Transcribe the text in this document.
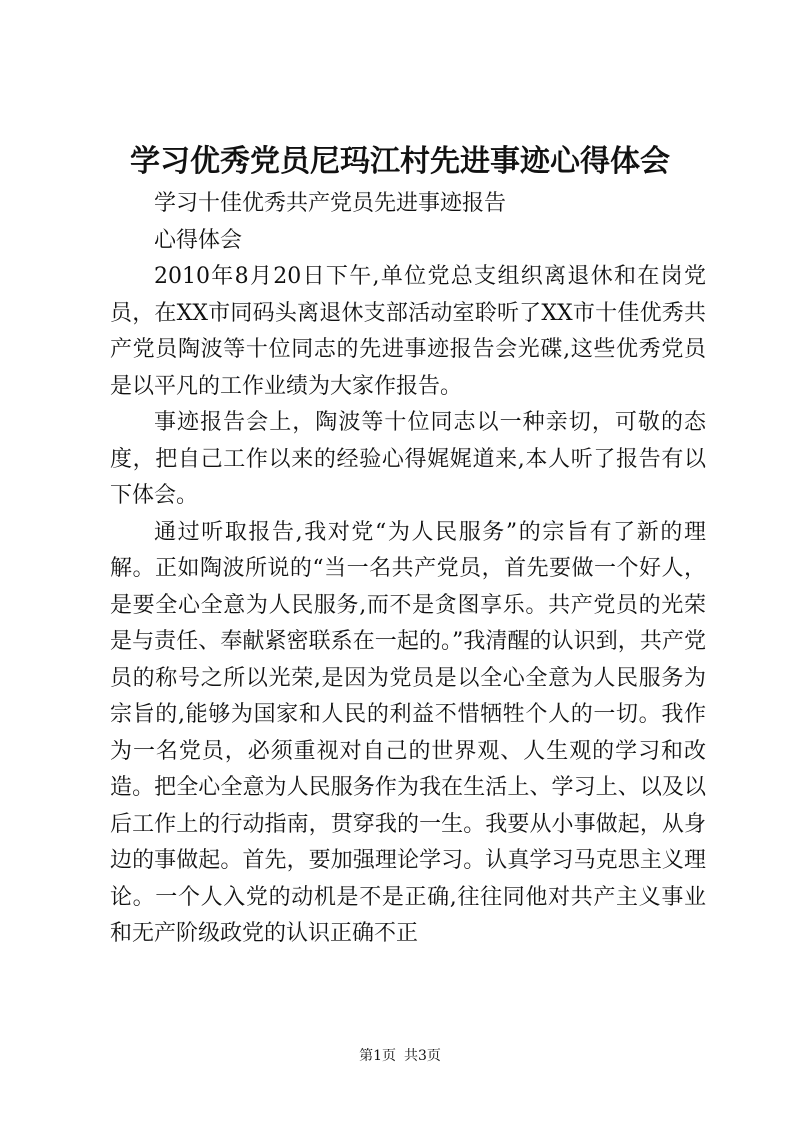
学习优秀党员尼玛江村先进事迹心得体会

学习十佳优秀共产党员先进事迹报告

心得体会

2010年8月20日下午,单位党总支组织离退休和在岗党员，在XX市同码头离退休支部活动室聆听了XX市十佳优秀共产党员陶波等十位同志的先进事迹报告会光碟,这些优秀党员是以平凡的工作业绩为大家作报告。

事迹报告会上，陶波等十位同志以一种亲切，可敬的态度，把自己工作以来的经验心得娓娓道来,本人听了报告有以下体会。

通过听取报告,我对党“为人民服务”的宗旨有了新的理解。正如陶波所说的“当一名共产党员，首先要做一个好人，是要全心全意为人民服务,而不是贪图享乐。共产党员的光荣是与责任、奉献紧密联系在一起的。”我清醒的认识到，共产党员的称号之所以光荣,是因为党员是以全心全意为人民服务为宗旨的,能够为国家和人民的利益不惜牺牲个人的一切。我作为一名党员，必须重视对自己的世界观、人生观的学习和改造。把全心全意为人民服务作为我在生活上、学习上、以及以后工作上的行动指南，贯穿我的一生。我要从小事做起，从身边的事做起。首先，要加强理论学习。认真学习马克思主义理论。一个人入党的动机是不是正确,往往同他对共产主义事业和无产阶级政党的认识正确不正

第1页 共3页
